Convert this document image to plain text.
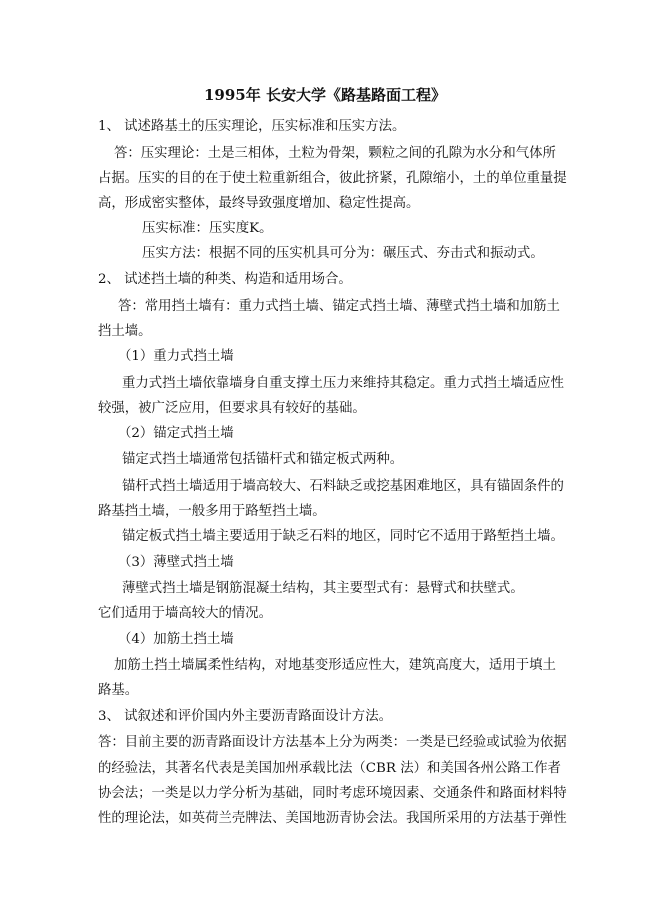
1995年 长安大学《路基路面工程》
1、 试述路基土的压实理论，压实标准和压实方法。
答：压实理论：土是三相体，土粒为骨架，颗粒之间的孔隙为水分和气体所
占据。压实的目的在于使土粒重新组合，彼此挤紧，孔隙缩小，土的单位重量提
高，形成密实整体，最终导致强度增加、稳定性提高。
压实标准：压实度K。
压实方法：根据不同的压实机具可分为：碾压式、夯击式和振动式。
2、 试述挡土墙的种类、构造和适用场合。
答：常用挡土墙有：重力式挡土墙、锚定式挡土墙、薄壁式挡土墙和加筋土
挡土墙。
（1）重力式挡土墙
重力式挡土墙依靠墙身自重支撑土压力来维持其稳定。重力式挡土墙适应性
较强，被广泛应用，但要求具有较好的基础。
（2）锚定式挡土墙
锚定式挡土墙通常包括锚杆式和锚定板式两种。
锚杆式挡土墙适用于墙高较大、石料缺乏或挖基困难地区，具有锚固条件的
路基挡土墙，一般多用于路堑挡土墙。
锚定板式挡土墙主要适用于缺乏石料的地区，同时它不适用于路堑挡土墙。
（3）薄壁式挡土墙
薄壁式挡土墙是钢筋混凝土结构，其主要型式有：悬臂式和扶壁式。
它们适用于墙高较大的情况。
（4）加筋土挡土墙
加筋土挡土墙属柔性结构，对地基变形适应性大，建筑高度大，适用于填土
路基。
3、 试叙述和评价国内外主要沥青路面设计方法。
答：目前主要的沥青路面设计方法基本上分为两类：一类是已经验或试验为依据
的经验法，其著名代表是美国加州承载比法（CBR 法）和美国各州公路工作者
协会法；一类是以力学分析为基础，同时考虑环境因素、交通条件和路面材料特
性的理论法，如英荷兰壳牌法、美国地沥青协会法。我国所采用的方法基于弹性
